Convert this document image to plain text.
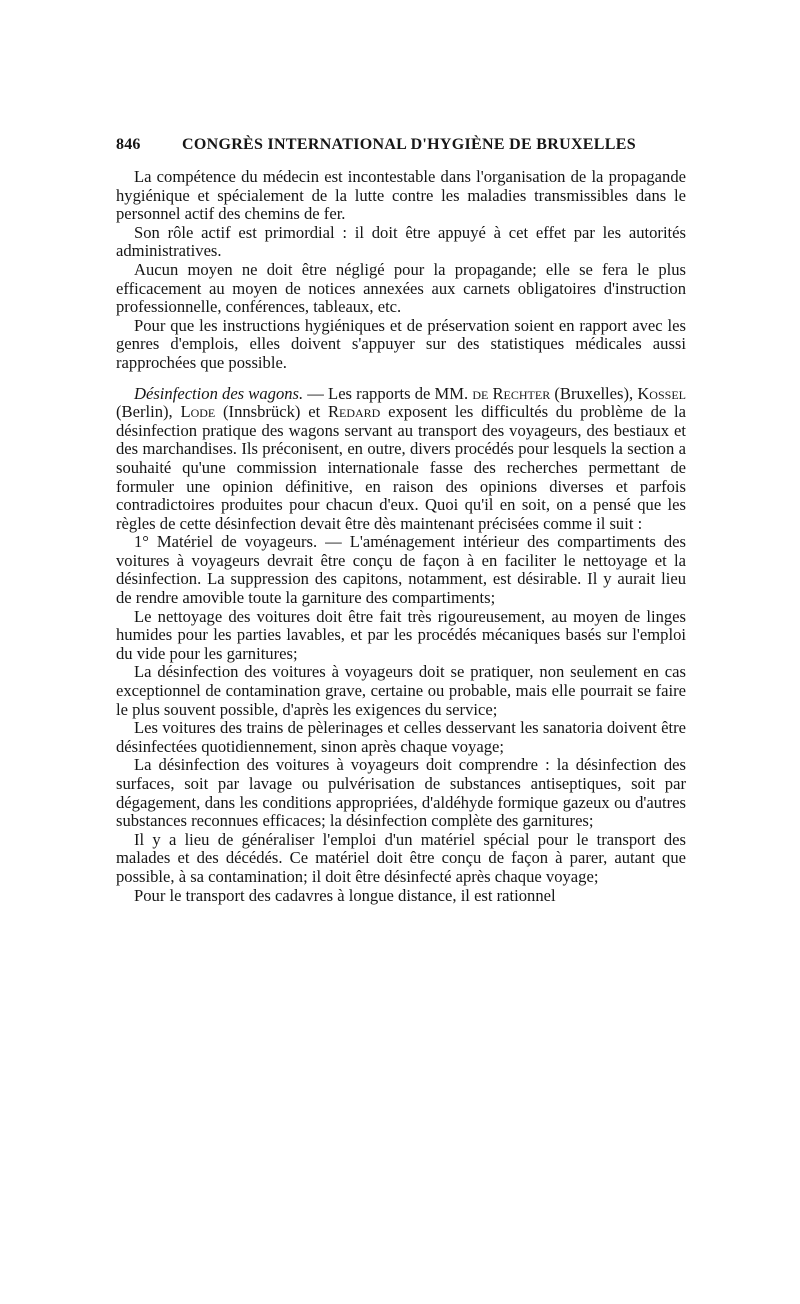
846	CONGRÈS INTERNATIONAL D'HYGIÈNE DE BRUXELLES

La compétence du médecin est incontestable dans l'organisation de la propagande hygiénique et spécialement de la lutte contre les maladies transmissibles dans le personnel actif des chemins de fer.

Son rôle actif est primordial : il doit être appuyé à cet effet par les autorités administratives.

Aucun moyen ne doit être négligé pour la propagande; elle se fera le plus efficacement au moyen de notices annexées aux carnets obligatoires d'instruction professionnelle, conférences, tableaux, etc.

Pour que les instructions hygiéniques et de préservation soient en rapport avec les genres d'emplois, elles doivent s'appuyer sur des statistiques médicales aussi rapprochées que possible.

Désinfection des wagons. — Les rapports de MM. de Rechter (Bruxelles), Kossel (Berlin), Lode (Innsbrück) et Redard exposent les difficultés du problème de la désinfection pratique des wagons servant au transport des voyageurs, des bestiaux et des marchandises. Ils préconisent, en outre, divers procédés pour lesquels la section a souhaité qu'une commission internationale fasse des recherches permettant de formuler une opinion définitive, en raison des opinions diverses et parfois contradictoires produites pour chacun d'eux. Quoi qu'il en soit, on a pensé que les règles de cette désinfection devait être dès maintenant précisées comme il suit :

1° Matériel de voyageurs. — L'aménagement intérieur des compartiments des voitures à voyageurs devrait être conçu de façon à en faciliter le nettoyage et la désinfection. La suppression des capitons, notamment, est désirable. Il y aurait lieu de rendre amovible toute la garniture des compartiments;

Le nettoyage des voitures doit être fait très rigoureusement, au moyen de linges humides pour les parties lavables, et par les procédés mécaniques basés sur l'emploi du vide pour les garnitures;

La désinfection des voitures à voyageurs doit se pratiquer, non seulement en cas exceptionnel de contamination grave, certaine ou probable, mais elle pourrait se faire le plus souvent possible, d'après les exigences du service;

Les voitures des trains de pèlerinages et celles desservant les sanatoria doivent être désinfectées quotidiennement, sinon après chaque voyage;

La désinfection des voitures à voyageurs doit comprendre : la désinfection des surfaces, soit par lavage ou pulvérisation de substances antiseptiques, soit par dégagement, dans les conditions appropriées, d'aldéhyde formique gazeux ou d'autres substances reconnues efficaces; la désinfection complète des garnitures;

Il y a lieu de généraliser l'emploi d'un matériel spécial pour le transport des malades et des décédés. Ce matériel doit être conçu de façon à parer, autant que possible, à sa contamination; il doit être désinfecté après chaque voyage;

Pour le transport des cadavres à longue distance, il est rationnel
